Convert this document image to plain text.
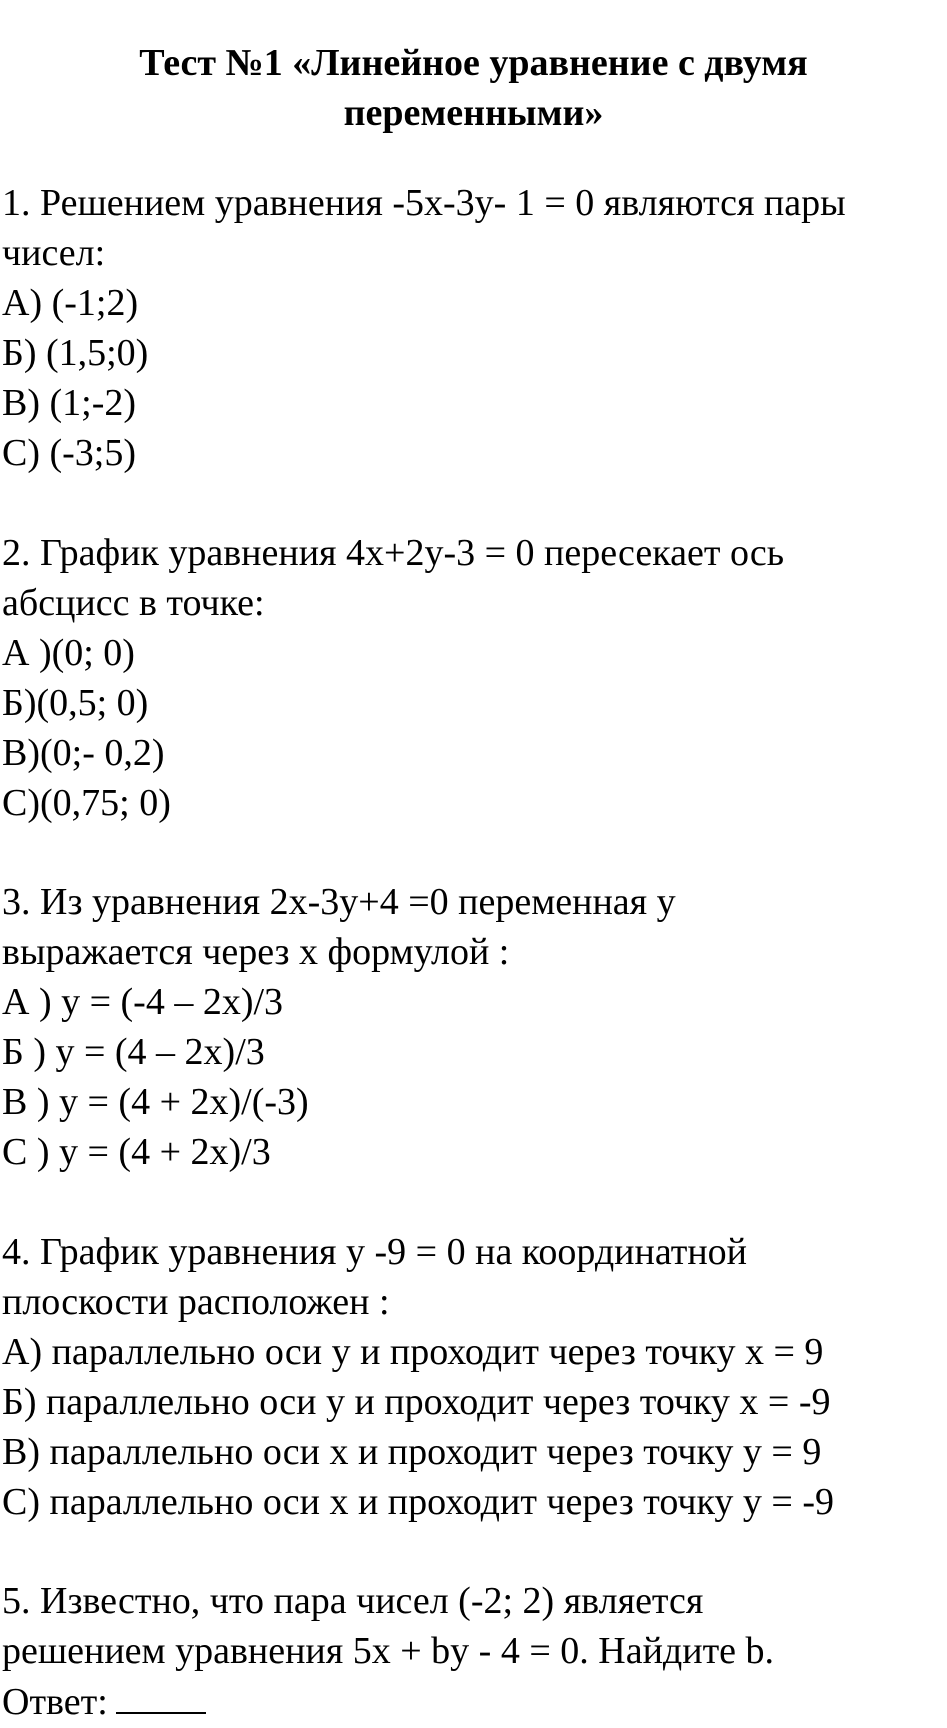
Тест №1 «Линейное уравнение с двумя
переменными»
1. Решением уравнения -5х-3у- 1 = 0 являются пары
чисел:
А) (-1;2)
Б) (1,5;0)
В) (1;-2)
С) (-3;5)
2. График уравнения 4х+2у-3 = 0 пересекает ось
абсцисс в точке:
А )(0; 0)
Б)(0,5; 0)
В)(0;- 0,2)
С)(0,75; 0)
3. Из уравнения 2х-3у+4 =0 переменная у
выражается через х формулой :
А ) у = (-4 – 2х)/3
Б ) у = (4 – 2х)/3
В ) у = (4 + 2х)/(-3)
С ) у = (4 + 2х)/3
4. График уравнения у -9 = 0 на координатной
плоскости расположен :
А) параллельно оси у и проходит через точку х = 9
Б) параллельно оси у и проходит через точку х = -9
В) параллельно оси х и проходит через точку у = 9
С) параллельно оси х и проходит через точку у = -9
5. Известно, что пара чисел (-2; 2) является
решением уравнения 5х + bу - 4 = 0. Найдите b.
Ответ:
